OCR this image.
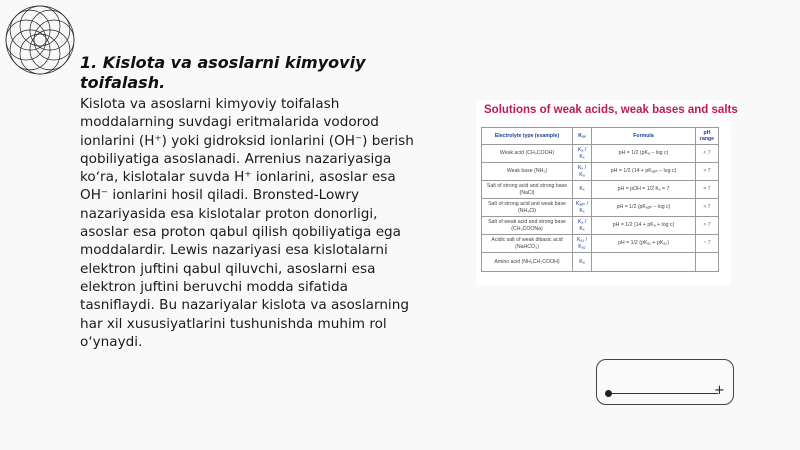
1. Kislota va asoslarni kimyoviy toifalash.
Kislota va asoslarni kimyoviy toifalash moddalarning suvdagi eritmalarida vodorod ionlarini (H⁺) yoki gidroksid ionlarini (OH⁻) berish qobiliyatiga asoslanadi. Arrenius nazariyasiga koʻra, kislotalar suvda H⁺ ionlarini, asoslar esa OH⁻ ionlarini hosil qiladi. Bronsted-Lowry nazariyasida esa kislotalar proton donorligi, asoslar esa proton qabul qilish qobiliyatiga ega moddalardir. Lewis nazariyasi esa kislotalarni elektron juftini qabul qiluvchi, asoslarni esa elektron juftini beruvchi modda sifatida tasniflaydi. Bu nazariyalar kislota va asoslarning har xil xususiyatlarini tushunishda muhim rol oʻynaydi.
Solutions of weak acids, weak bases and salts
Electrolyte type (example)	Kₐₓ	Formula	pH range
Weak acid (CH₃COOH)	Kₐ / Kₓ	pH = 1/2 (pKₐ – log c)	< 7
Weak base (NH₃)	Kₓ / Kₐ	pH = 1/2 (14 + pKₐᵦₕ – log c)	> 7
Salt of strong acid and strong base (NaCl)	Kₓ	pH = pOH = 1/2 Kₓ = 7	= 7
Salt of strong acid and weak base (NH₄Cl)	Kₐᵦₕ / Kₓ	pH = 1/2 (pKₐᵦₕ – log c)	< 7
Salt of weak acid and strong base (CH₃COONa)	Kₐ / Kₓ	pH = 1/2 (14 + pKₐ + log c)	> 7
Acidic salt of weak dibasic acid (NaHCO₃)	Kₐ₁ / Kₐ₂	pH = 1/2 (pKₐ₁ + pKₐ₂)	~ 7
Amino acid (NH₂CH₂COOH)	Kₐ		
+
